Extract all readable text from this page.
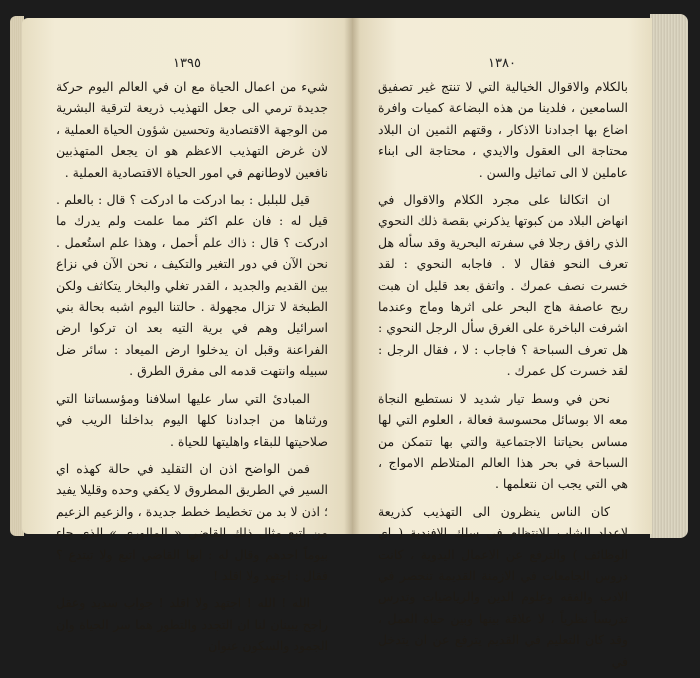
١٣٩٥

شيء من اعمال الحياة مع ان في العالم اليوم حركة جديدة ترمي الى جعل التهذيب ذريعة لترقية البشرية من الوجهة الاقتصادية وتحسين شؤون الحياة العملية ، لان غرض التهذيب الاعظم هو ان يجعل المتهذبين نافعين لاوطانهم في امور الحياة الاقتصادية العملية .

قيل للبلبل : بما ادركت ما ادركت ؟ قال : بالعلم . قيل له : فان علم اكثر مما علمت ولم يدرك ما ادركت ؟ قال : ذاك علم أحمل ، وهذا علم استُعمل . نحن الآن في دور التغير والتكيف ، نحن الآن في نزاع بين القديم والجديد ، القدر تغلي والبخار يتكاثف ولكن الطبخة لا تزال مجهولة . حالتنا اليوم اشبه بحالة بني اسرائيل وهم في برية التيه بعد ان تركوا ارض الفراعنة وقبل ان يدخلوا ارض الميعاد : سائر ضل سبيله وانتهت قدمه الى مفرق الطرق .

المبادئ التي سار عليها اسلافنا ومؤسساتنا التي ورثناها من اجدادنا كلها اليوم بداخلنا الريب في صلاحيتها للبقاء واهليتها للحياة .

فمن الواضح اذن ان التقليد في حالة كهذه اي السير في الطريق المطروق لا يكفي وحده وقليلا يفيد ؛ اذن لا بد من تخطيط خطط جديدة ، والزعيم الزعيم من اتبع مثال ذلك القاضي « المالوري » الذي جاء بيوماً احدهم وقال له : ابها القاضي اتبع ولا تبتدع ؟ فقال : اجتهد ولا اقلد !

الله ! الله ! اجتهد ولا اقلد ! جواب سديد وعقل راجح يبينان لنا ان التجدد والتطور هما سر الحياة وان الجمود والسكون عنوان

١٣٨٠

بالكلام والاقوال الخيالية التي لا تنتج غير تصفيق السامعين ، فلدينا من هذه البضاعة كميات وافرة اضاع بها اجدادنا الاذكار ، وقتهم الثمين ان البلاد محتاجة الى العقول والايدي ، محتاجة الى ابناء عاملين لا الى تماثيل والسن .

ان اتكالنا على مجرد الكلام والاقوال في انهاض البلاد من كبوتها يذكرني بقصة ذلك النحوي الذي رافق رجلا في سفرته البحرية وقد سأله هل تعرف النحو فقال لا . فاجابه النحوي : لقد خسرت نصف عمرك . واتفق بعد قليل ان هبت ريح عاصفة هاج البحر على اثرها وماج وعندما اشرفت الباخرة على الغرق سأل الرجل النحوي : هل تعرف السباحة ؟ فاجاب : لا ، فقال الرجل : لقد خسرت كل عمرك .

نحن في وسط تيار شديد لا نستطيع النجاة معه الا بوسائل محسوسة فعالة ، العلوم التي لها مساس بحياتنا الاجتماعية والتي بها تتمكن من السباحة في بحر هذا العالم المتلاطم الامواج ، هي التي يجب ان نتعلمها .

كان الناس ينظرون الى التهذيب كذريعة لاعداد الشاب للانتظام في سلك الافندية ( اي الوظائف ) والترفع عن الاعمال اليدوية ، كانت دروس الجامعات في الازمنة القديمة تنحصر في الادب والفقه وعلوم الدين والرياضيات وتدرس تدريساً نظرياً ، لا علاقة بينها وبين حياة العمل ، وقد كان التعليم في القديم يترفع عن ان يتدخل في
